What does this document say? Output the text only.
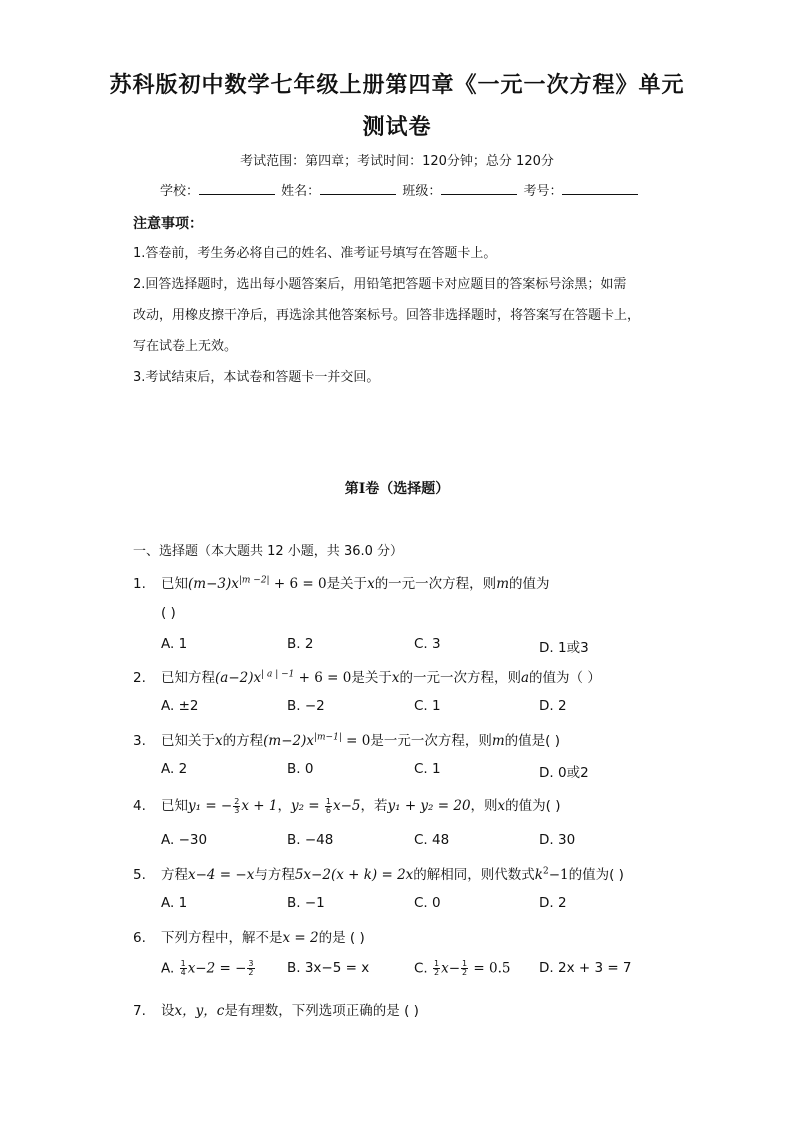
苏科版初中数学七年级上册第四章《一元一次方程》单元
测试卷
考试范围：第四章；考试时间：120分钟；总分 120分
学校：	姓名：	班级：	考号：
注意事项：
1.答卷前，考生务必将自己的姓名、准考证号填写在答题卡上。
2.回答选择题时，选出每小题答案后，用铅笔把答题卡对应题目的答案标号涂黑；如需
改动，用橡皮擦干净后，再选涂其他答案标号。回答非选择题时，将答案写在答题卡上，
写在试卷上无效。
3.考试结束后，本试卷和答题卡一并交回。
第Ⅰ卷（选择题）
一、选择题（本大题共 12 小题，共 36.0 分）
1. 已知$(m-3)x^{|m -2|} + 6 = 0$是关于x的一元一次方程，则m的值为
( )
A. 1	B. 2	C. 3	D. 1或3
2. 已知方程$(a-2)x^{| a | -1} + 6 = 0$是关于x的一元一次方程，则a的值为（ ）
A. ±2	B. −2	C. 1	D. 2
3. 已知关于x的方程$(m-2)x^{|m-1|} = 0$是一元一次方程，则m的值是( )
A. 2	B. 0	C. 1	D. 0或2
4. 已知y₁ = − $\frac{2}{3}$ x + 1，$y_2 = \frac{1}{6} x-5$，若y₁ + y₂ = 20，则x的值为( )
A. −30	B. −48	C. 48	D. 30
5. 方程x−4 = −x与方程5x−2(x + k) = 2x的解相同，则代数式$k^2-1$的值为( )
A. 1	B. −1	C. 0	D. 2
6. 下列方程中，解不是x = 2的是 ( )
A. $\frac{1}{4} x-2$ = − $\frac{3}{2} B$. 3x−5 = x	C. $\frac{1}{2} x- \frac{1}{2} = 0.5$ D. 2x + 3 = 7
7. 设x，y，c是有理数，下列选项正确的是 ( )
